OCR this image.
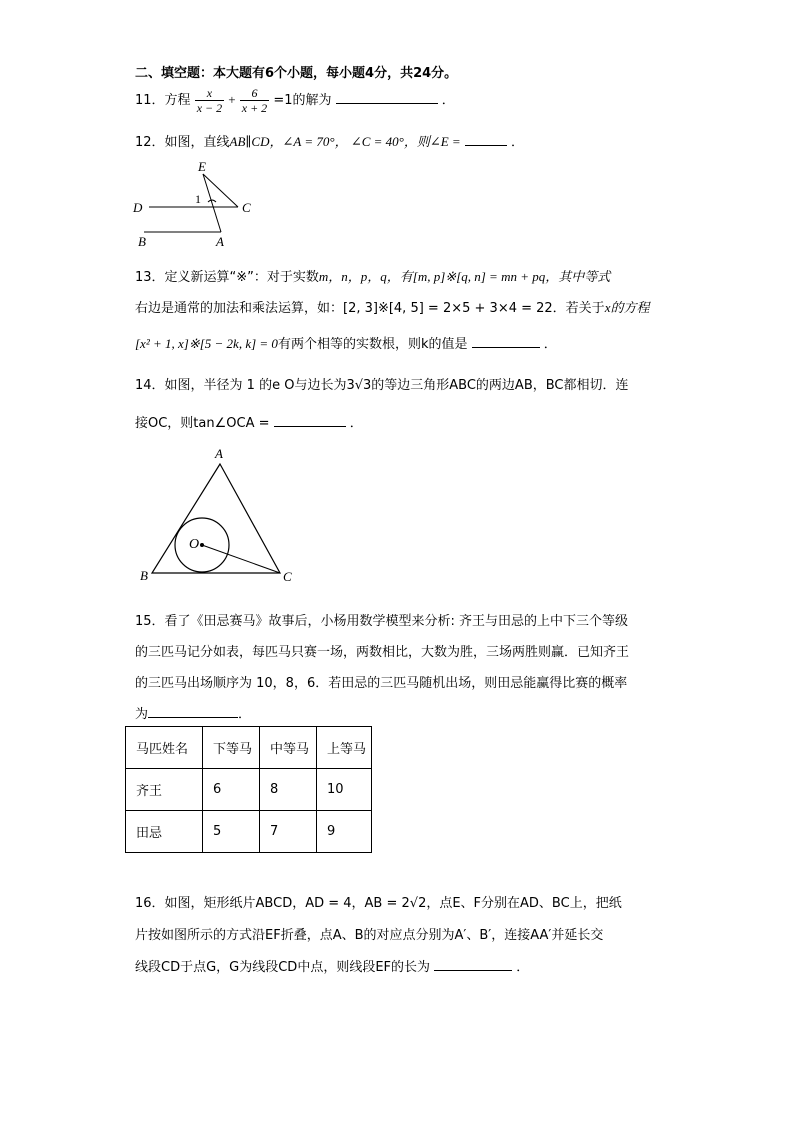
二、填空题：本大题有6个小题，每小题4分，共24分。
11．方程 $\frac{x}{x - 2} + \frac{6}{x + 2} =1$的解为	．
12．如图，直线AB∥CD，∠A = 70°， ∠C = 40°，则∠E =	．
E
D	C
B	A
1
13．定义新运算“※”：对于实数m，n，p，q，有[m, p]※[q, n] = mn + pq，其中等式
右边是通常的加法和乘法运算，如：[2, 3]※[4, 5] = 2×5 + 3×4 = 22．若关于x的方程
[x² + 1, x]※[5 − 2k, k] = 0有两个相等的实数根，则k的值是	．
14．如图，半径为 1 的e O与边长为3√3的等边三角形ABC的两边AB，BC都相切．连
接OC，则tan∠OCA =	．
A
B	C
O
15．看了《田忌赛马》故事后，小杨用数学模型来分析: 齐王与田忌的上中下三个等级
的三匹马记分如表，每匹马只赛一场，两数相比，大数为胜，三场两胜则赢．已知齐王
的三匹马出场顺序为 10，8，6．若田忌的三匹马随机出场，则田忌能赢得比赛的概率
为	．
马匹姓名	下等马	中等马	上等马
齐王	6	8	10
田忌	5	7	9
16．如图，矩形纸片ABCD，AD = 4，AB = 2√2，点E、F分别在AD、BC上，把纸
片按如图所示的方式沿EF折叠，点A、B的对应点分别为A′、B′，连接AA′并延长交
线段CD于点G，G为线段CD中点，则线段EF的长为	．
